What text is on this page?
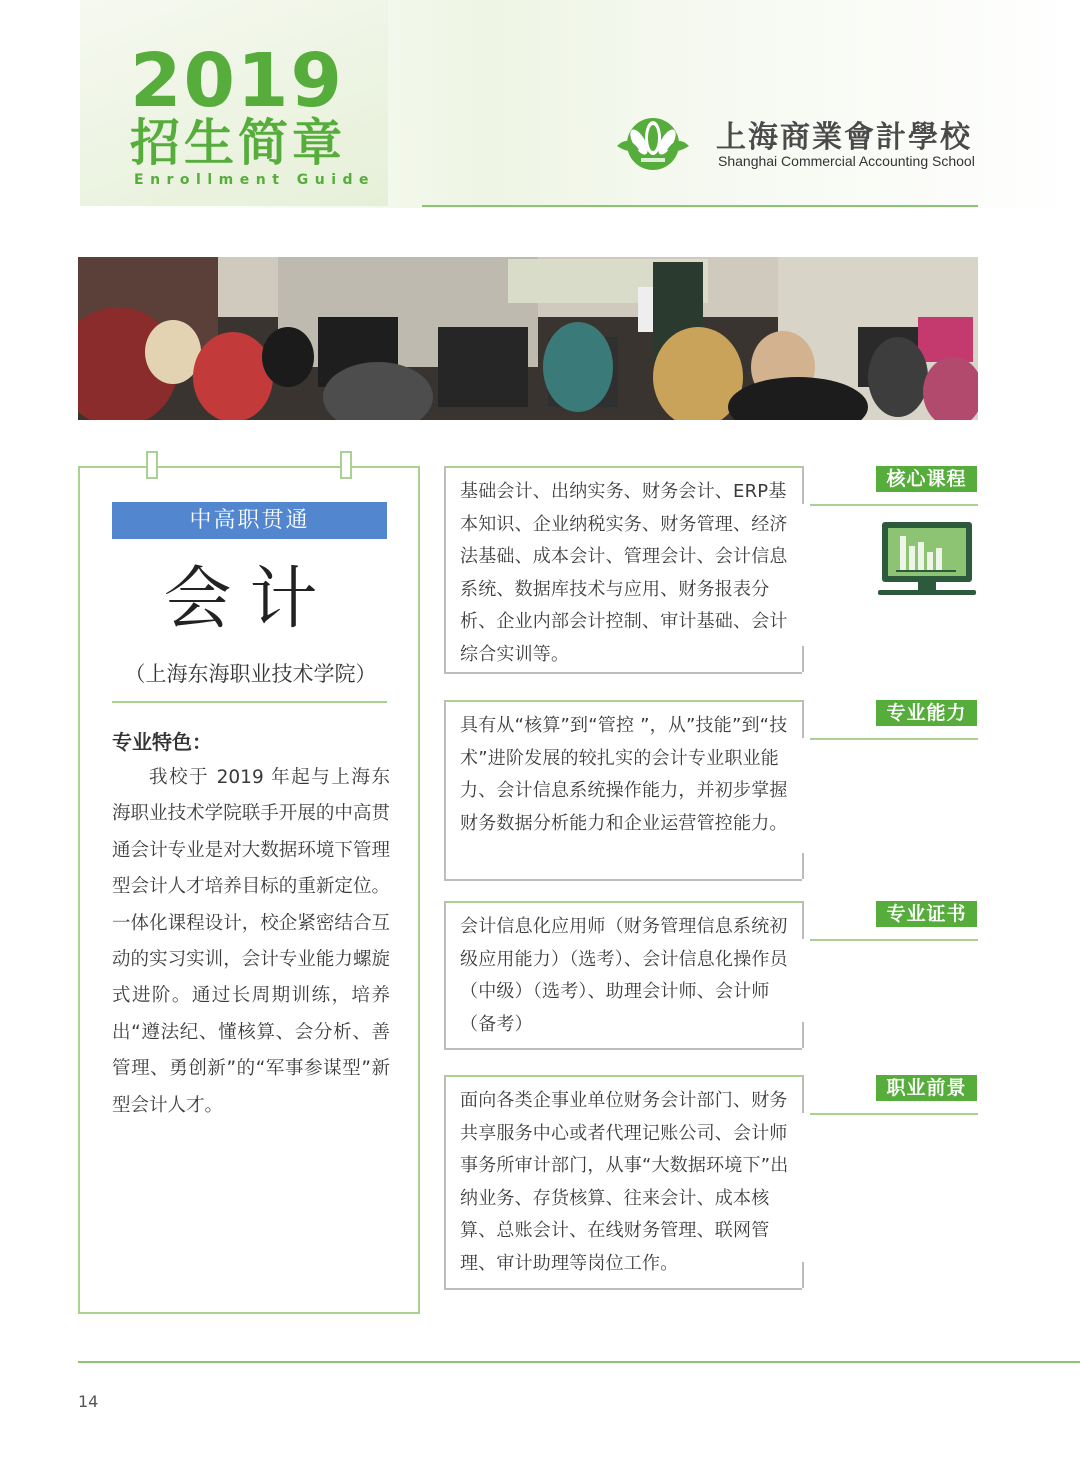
2019
招生简章
Enrollment Guide
上海商業會計學校
Shanghai Commercial Accounting School
中高职贯通
会计
（上海东海职业技术学院）
专业特色：
我校于 2019 年起与上海东海职业技术学院联手开展的中高贯通会计专业是对大数据环境下管理型会计人才培养目标的重新定位。一体化课程设计，校企紧密结合互动的实习实训，会计专业能力螺旋式进阶。通过长周期训练，培养出“遵法纪、懂核算、会分析、善管理、勇创新”的“军事参谋型”新型会计人才。
基础会计、出纳实务、财务会计、ERP基本知识、企业纳税实务、财务管理、经济法基础、成本会计、管理会计、会计信息系统、数据库技术与应用、财务报表分析、企业内部会计控制、审计基础、会计综合实训等。
核心课程
具有从“核算”到“管控 ”，从”技能”到“技术”进阶发展的较扎实的会计专业职业能力、会计信息系统操作能力，并初步掌握财务数据分析能力和企业运营管控能力。
专业能力
会计信息化应用师（财务管理信息系统初级应用能力）（选考）、会计信息化操作员（中级）（选考）、助理会计师、会计师（备考）
专业证书
面向各类企事业单位财务会计部门、财务共享服务中心或者代理记账公司、会计师事务所审计部门，从事“大数据环境下”出纳业务、存货核算、往来会计、成本核算、总账会计、在线财务管理、联网管理、审计助理等岗位工作。
职业前景
14
